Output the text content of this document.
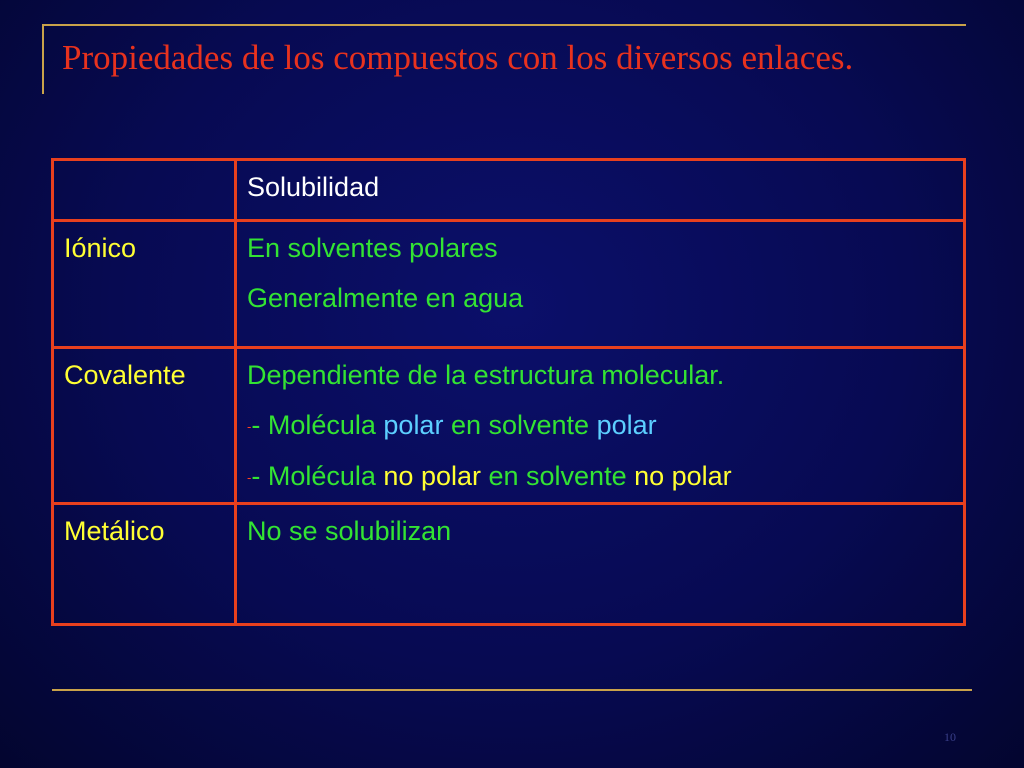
Propiedades de los compuestos con los diversos enlaces.
	Solubilidad
Iónico	En solventes polares
Generalmente en agua

Covalente	Dependiente de la estructura molecular.
-- Molécula polar en solvente polar
-- Molécula no polar en solvente no polar

Metálico	No se solubilizan
10
